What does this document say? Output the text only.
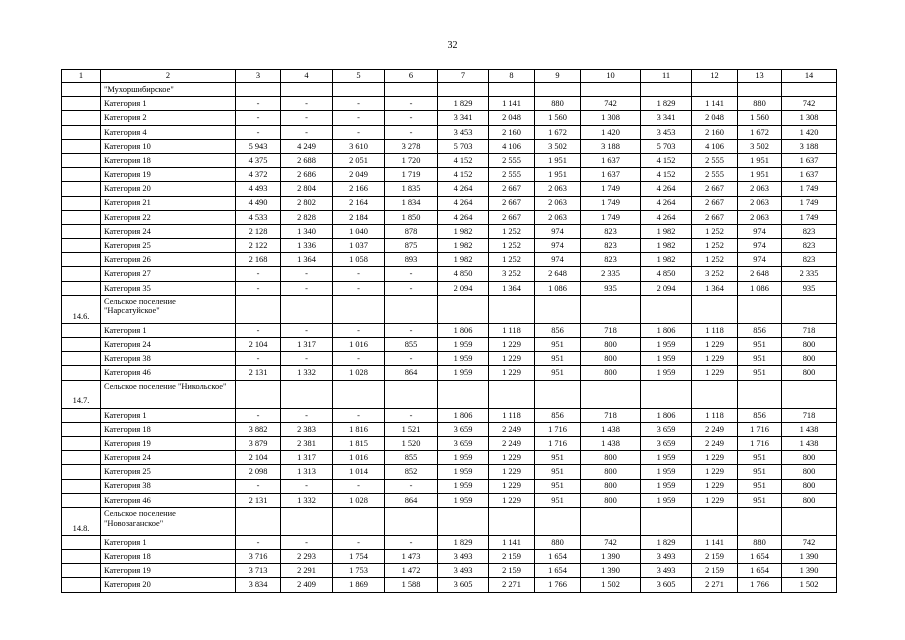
32
1	2	3	4	5	6	7	8	9	10	11	12	13	14
	"Мухоршибирское"												
	Категория 1	-	-	-	-	1 829	1 141	880	742	1 829	1 141	880	742
	Категория 2	-	-	-	-	3 341	2 048	1 560	1 308	3 341	2 048	1 560	1 308
	Категория 4	-	-	-	-	3 453	2 160	1 672	1 420	3 453	2 160	1 672	1 420
	Категория 10	5 943	4 249	3 610	3 278	5 703	4 106	3 502	3 188	5 703	4 106	3 502	3 188
	Категория 18	4 375	2 688	2 051	1 720	4 152	2 555	1 951	1 637	4 152	2 555	1 951	1 637
	Категория 19	4 372	2 686	2 049	1 719	4 152	2 555	1 951	1 637	4 152	2 555	1 951	1 637
	Категория 20	4 493	2 804	2 166	1 835	4 264	2 667	2 063	1 749	4 264	2 667	2 063	1 749
	Категория 21	4 490	2 802	2 164	1 834	4 264	2 667	2 063	1 749	4 264	2 667	2 063	1 749
	Категория 22	4 533	2 828	2 184	1 850	4 264	2 667	2 063	1 749	4 264	2 667	2 063	1 749
	Категория 24	2 128	1 340	1 040	878	1 982	1 252	974	823	1 982	1 252	974	823
	Категория 25	2 122	1 336	1 037	875	1 982	1 252	974	823	1 982	1 252	974	823
	Категория 26	2 168	1 364	1 058	893	1 982	1 252	974	823	1 982	1 252	974	823
	Категория 27	-	-	-	-	4 850	3 252	2 648	2 335	4 850	3 252	2 648	2 335
	Категория 35	-	-	-	-	2 094	1 364	1 086	935	2 094	1 364	1 086	935
14.6.	Сельское поселение "Нарсатуйское"												
	Категория 1	-	-	-	-	1 806	1 118	856	718	1 806	1 118	856	718
	Категория 24	2 104	1 317	1 016	855	1 959	1 229	951	800	1 959	1 229	951	800
	Категория 38	-	-	-	-	1 959	1 229	951	800	1 959	1 229	951	800
	Категория 46	2 131	1 332	1 028	864	1 959	1 229	951	800	1 959	1 229	951	800
14.7.	Сельское поселение "Никольское"												
	Категория 1	-	-	-	-	1 806	1 118	856	718	1 806	1 118	856	718
	Категория 18	3 882	2 383	1 816	1 521	3 659	2 249	1 716	1 438	3 659	2 249	1 716	1 438
	Категория 19	3 879	2 381	1 815	1 520	3 659	2 249	1 716	1 438	3 659	2 249	1 716	1 438
	Категория 24	2 104	1 317	1 016	855	1 959	1 229	951	800	1 959	1 229	951	800
	Категория 25	2 098	1 313	1 014	852	1 959	1 229	951	800	1 959	1 229	951	800
	Категория 38	-	-	-	-	1 959	1 229	951	800	1 959	1 229	951	800
	Категория 46	2 131	1 332	1 028	864	1 959	1 229	951	800	1 959	1 229	951	800
14.8.	Сельское поселение "Новозаганское"												
	Категория 1	-	-	-	-	1 829	1 141	880	742	1 829	1 141	880	742
	Категория 18	3 716	2 293	1 754	1 473	3 493	2 159	1 654	1 390	3 493	2 159	1 654	1 390
	Категория 19	3 713	2 291	1 753	1 472	3 493	2 159	1 654	1 390	3 493	2 159	1 654	1 390
	Категория 20	3 834	2 409	1 869	1 588	3 605	2 271	1 766	1 502	3 605	2 271	1 766	1 502
